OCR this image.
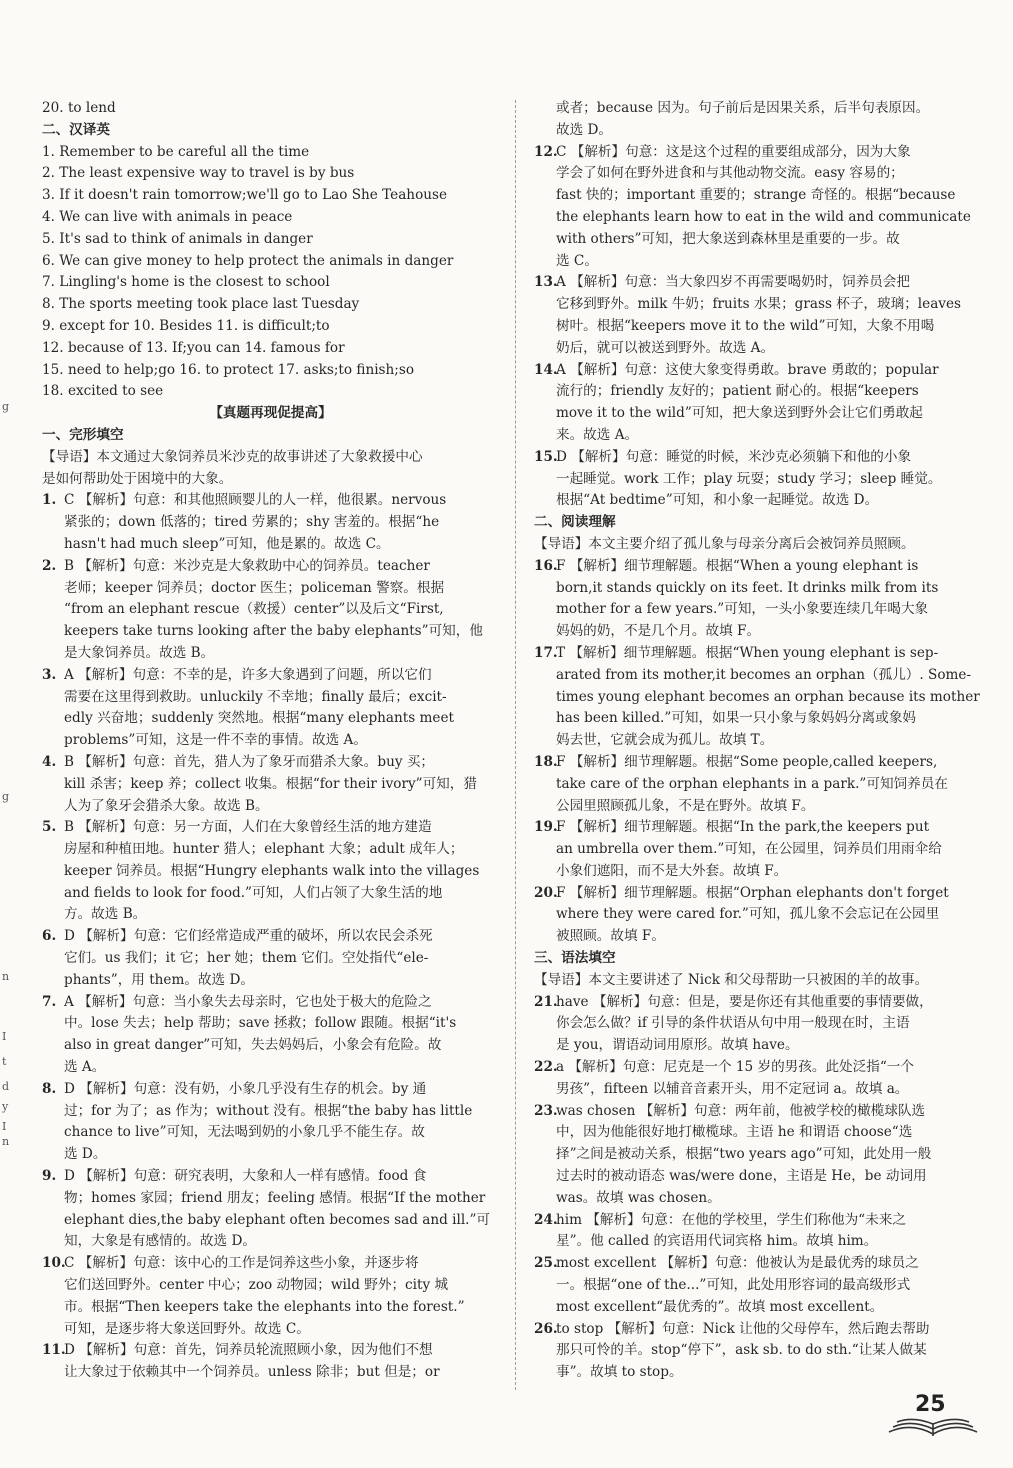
20. to lend
二、汉译英
1. Remember to be careful all the time
2. The least expensive way to travel is by bus
3. If it doesn't rain tomorrow;we'll go to Lao She Teahouse
4. We can live with animals in peace
5. It's sad to think of animals in danger
6. We can give money to help protect the animals in danger
7. Lingling's home is the closest to school
8. The sports meeting took place last Tuesday
9. except for 10. Besides 11. is difficult;to
12. because of 13. If;you can 14. famous for
15. need to help;go 16. to protect 17. asks;to finish;so
18. excited to see
【真题再现促提高】
一、完形填空
【导语】本文通过大象饲养员米沙克的故事讲述了大象救援中心
是如何帮助处于困境中的大象。
1. C 【解析】句意：和其他照顾婴儿的人一样，他很累。nervous
紧张的；down 低落的；tired 劳累的；shy 害羞的。根据“he
hasn't had much sleep”可知，他是累的。故选 C。
2. B 【解析】句意：米沙克是大象救助中心的饲养员。teacher
老师；keeper 饲养员；doctor 医生；policeman 警察。根据
“from an elephant rescue（救援）center”以及后文“First,
keepers take turns looking after the baby elephants”可知，他
是大象饲养员。故选 B。
3. A 【解析】句意：不幸的是，许多大象遇到了问题，所以它们
需要在这里得到救助。unluckily 不幸地；finally 最后；excit-
edly 兴奋地；suddenly 突然地。根据“many elephants meet
problems”可知，这是一件不幸的事情。故选 A。
4. B 【解析】句意：首先，猎人为了象牙而猎杀大象。buy 买；
kill 杀害；keep 养；collect 收集。根据“for their ivory”可知，猎
人为了象牙会猎杀大象。故选 B。
5. B 【解析】句意：另一方面，人们在大象曾经生活的地方建造
房屋和种植田地。hunter 猎人；elephant 大象；adult 成年人；
keeper 饲养员。根据“Hungry elephants walk into the villages
and fields to look for food.”可知，人们占领了大象生活的地
方。故选 B。
6. D 【解析】句意：它们经常造成严重的破坏，所以农民会杀死
它们。us 我们；it 它；her 她；them 它们。空处指代“ele-
phants”，用 them。故选 D。
7. A 【解析】句意：当小象失去母亲时，它也处于极大的危险之
中。lose 失去；help 帮助；save 拯救；follow 跟随。根据“it's
also in great danger”可知，失去妈妈后，小象会有危险。故
选 A。
8. D 【解析】句意：没有奶，小象几乎没有生存的机会。by 通
过；for 为了；as 作为；without 没有。根据“the baby has little
chance to live”可知，无法喝到奶的小象几乎不能生存。故
选 D。
9. D 【解析】句意：研究表明，大象和人一样有感情。food 食
物；homes 家园；friend 朋友；feeling 感情。根据“If the mother
elephant dies,the baby elephant often becomes sad and ill.”可
知，大象是有感情的。故选 D。
10.
C 【解析】句意：该中心的工作是饲养这些小象，并逐步将
它们送回野外。center 中心；zoo 动物园；wild 野外；city 城
市。根据“Then keepers take the elephants into the forest.”
可知，是逐步将大象送回野外。故选 C。
11.
D 【解析】句意：首先，饲养员轮流照顾小象，因为他们不想
让大象过于依赖其中一个饲养员。unless 除非；but 但是；or
或者；because 因为。句子前后是因果关系，后半句表原因。
故选 D。
12.
C 【解析】句意：这是这个过程的重要组成部分，因为大象
学会了如何在野外进食和与其他动物交流。easy 容易的；
fast 快的；important 重要的；strange 奇怪的。根据“because
the elephants learn how to eat in the wild and communicate
with others”可知，把大象送到森林里是重要的一步。故
选 C。
13.
A 【解析】句意：当大象四岁不再需要喝奶时，饲养员会把
它移到野外。milk 牛奶；fruits 水果；grass 杯子，玻璃；leaves
树叶。根据“keepers move it to the wild”可知，大象不用喝
奶后，就可以被送到野外。故选 A。
14.
A 【解析】句意：这使大象变得勇敢。brave 勇敢的；popular
流行的；friendly 友好的；patient 耐心的。根据“keepers
move it to the wild”可知，把大象送到野外会让它们勇敢起
来。故选 A。
15.
D 【解析】句意：睡觉的时候，米沙克必须躺下和他的小象
一起睡觉。work 工作；play 玩耍；study 学习；sleep 睡觉。
根据“At bedtime”可知，和小象一起睡觉。故选 D。
二、阅读理解
【导语】本文主要介绍了孤儿象与母亲分离后会被饲养员照顾。
16.
F 【解析】细节理解题。根据“When a young elephant is
born,it stands quickly on its feet. It drinks milk from its
mother for a few years.”可知，一头小象要连续几年喝大象
妈妈的奶，不是几个月。故填 F。
17.
T 【解析】细节理解题。根据“When young elephant is sep-
arated from its mother,it becomes an orphan（孤儿）. Some-
times young elephant becomes an orphan because its mother
has been killed.”可知，如果一只小象与象妈妈分离或象妈
妈去世，它就会成为孤儿。故填 T。
18.
F 【解析】细节理解题。根据“Some people,called keepers,
take care of the orphan elephants in a park.”可知饲养员在
公园里照顾孤儿象，不是在野外。故填 F。
19.
F 【解析】细节理解题。根据“In the park,the keepers put
an umbrella over them.”可知，在公园里，饲养员们用雨伞给
小象们遮阳，而不是大外套。故填 F。
20.
F 【解析】细节理解题。根据“Orphan elephants don't forget
where they were cared for.”可知，孤儿象不会忘记在公园里
被照顾。故填 F。
三、语法填空
【导语】本文主要讲述了 Nick 和父母帮助一只被困的羊的故事。
21.
have 【解析】句意：但是，要是你还有其他重要的事情要做，
你会怎么做？if 引导的条件状语从句中用一般现在时，主语
是 you，谓语动词用原形。故填 have。
22.
a 【解析】句意：尼克是一个 15 岁的男孩。此处泛指“一个
男孩”，fifteen 以辅音音素开头，用不定冠词 a。故填 a。
23.
was chosen 【解析】句意：两年前，他被学校的橄榄球队选
中，因为他能很好地打橄榄球。主语 he 和谓语 choose“选
择”之间是被动关系，根据“two years ago”可知，此处用一般
过去时的被动语态 was/were done，主语是 He，be 动词用
was。故填 was chosen。
24.
him 【解析】句意：在他的学校里，学生们称他为“未来之
星”。他 called 的宾语用代词宾格 him。故填 him。
25.
most excellent 【解析】句意：他被认为是最优秀的球员之
一。根据“one of the...”可知，此处用形容词的最高级形式
most excellent“最优秀的”。故填 most excellent。
26.
to stop 【解析】句意：Nick 让他的父母停车，然后跑去帮助
那只可怜的羊。stop“停下”，ask sb. to do sth.“让某人做某
事”。故填 to stop。
g
g
n
I
t
d
y
I
n
25
